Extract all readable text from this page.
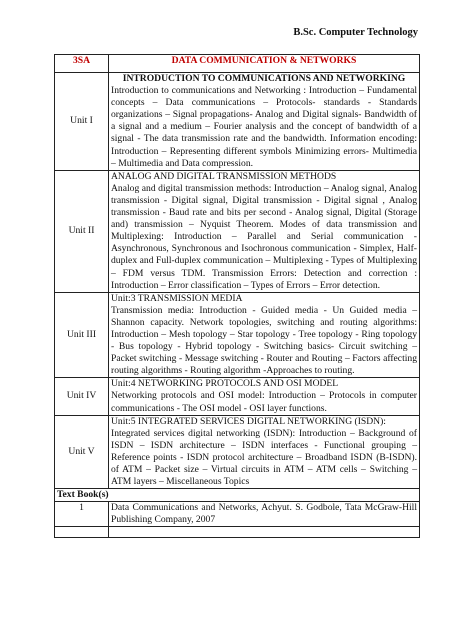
B.Sc. Computer Technology
3SA	DATA COMMUNICATION & NETWORKS
Unit I	INTRODUCTION TO COMMUNICATIONS AND NETWORKING
Introduction to communications and Networking : Introduction – Fundamental concepts – Data communications – Protocols- standards - Standards organizations – Signal propagations- Analog and Digital signals- Bandwidth of a signal and a medium – Fourier analysis and the concept of bandwidth of a signal - The data transmission rate and the bandwidth. Information encoding: Introduction – Representing different symbols Minimizing errors- Multimedia – Multimedia and Data compression.

Unit II	ANALOG AND DIGITAL TRANSMISSION METHODS
Analog and digital transmission methods: Introduction – Analog signal, Analog transmission - Digital signal, Digital transmission - Digital signal , Analog transmission - Baud rate and bits per second - Analog signal, Digital (Storage and) transmission – Nyquist Theorem. Modes of data transmission and Multiplexing: Introduction – Parallel and Serial communication - Asynchronous, Synchronous and Isochronous communication - Simplex, Half-duplex and Full-duplex communication – Multiplexing - Types of Multiplexing – FDM versus TDM. Transmission Errors: Detection and correction : Introduction – Error classification – Types of Errors – Error detection.

Unit III	Unit:3 TRANSMISSION MEDIA
Transmission media: Introduction - Guided media - Un Guided media – Shannon capacity. Network topologies, switching and routing algorithms: Introduction – Mesh topology – Star topology - Tree topology - Ring topology - Bus topology - Hybrid topology - Switching basics- Circuit switching – Packet switching - Message switching - Router and Routing – Factors affecting routing algorithms - Routing algorithm -Approaches to routing.

Unit IV	Unit:4 NETWORKING PROTOCOLS AND OSI MODEL
Networking protocols and OSI model: Introduction – Protocols in computer communications - The OSI model - OSI layer functions.

Unit V	Unit:5 INTEGRATED SERVICES DIGITAL NETWORKING (ISDN):
Integrated services digital networking (ISDN): Introduction – Background of ISDN – ISDN architecture – ISDN interfaces - Functional grouping – Reference points - ISDN protocol architecture – Broadband ISDN (B-ISDN). of ATM – Packet size – Virtual circuits in ATM – ATM cells – Switching – ATM layers – Miscellaneous Topics

Text Book(s)	
1	Data Communications and Networks, Achyut. S. Godbole, Tata McGraw-Hill Publishing Company, 2007
